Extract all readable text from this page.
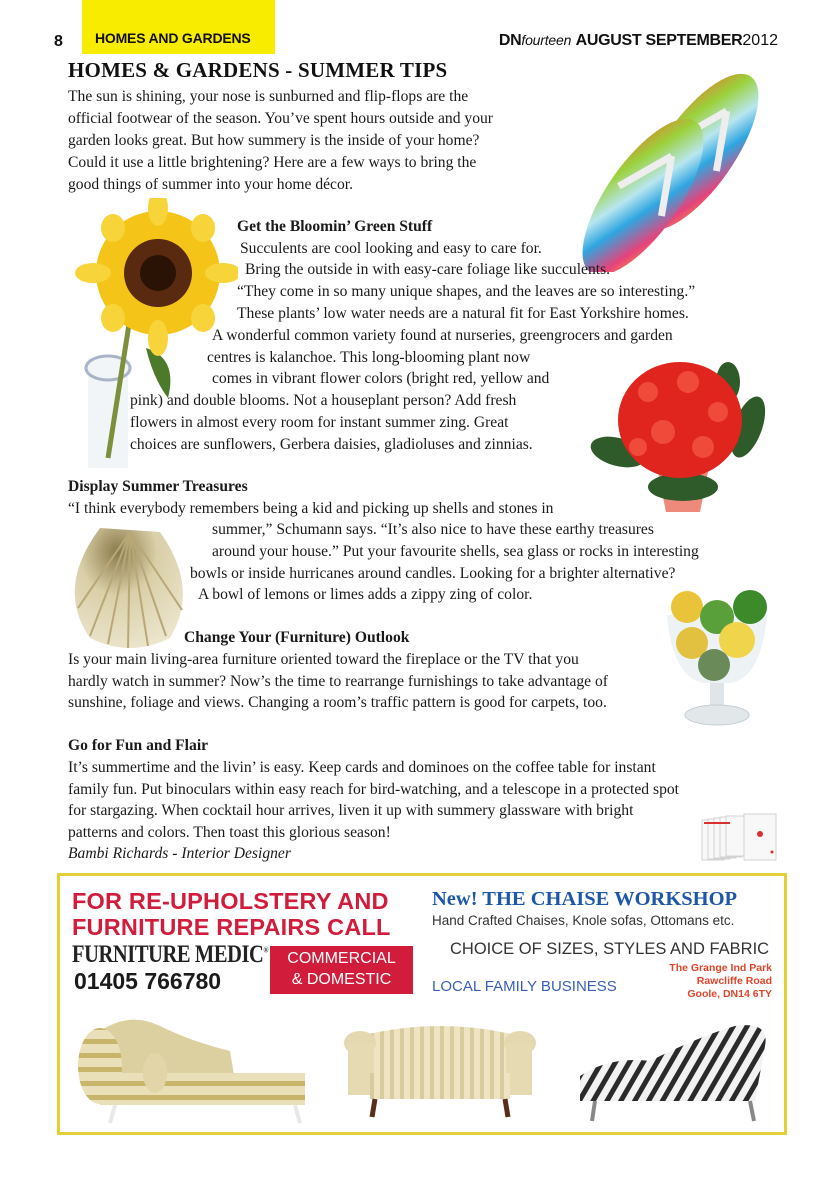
8 HOMES AND GARDENS	DNfourteen AUGUST SEPTEMBER2012
HOMES & GARDENS - SUMMER TIPS
The sun is shining, your nose is sunburned and flip-flops are the
official footwear of the season. You’ve spent hours outside and your
garden looks great. But how summery is the inside of your home?
Could it use a little brightening? Here are a few ways to bring the
good things of summer into your home décor.
Get the Bloomin’ Green Stuff
Succulents are cool looking and easy to care for.
Bring the outside in with easy-care foliage like succulents.
“They come in so many unique shapes, and the leaves are so interesting.”
These plants’ low water needs are a natural fit for East Yorkshire homes.
A wonderful common variety found at nurseries, greengrocers and garden
centres is kalanchoe. This long-blooming plant now
comes in vibrant flower colors (bright red, yellow and
pink) and double blooms. Not a houseplant person? Add fresh
flowers in almost every room for instant summer zing. Great
choices are sunflowers, Gerbera daisies, gladioluses and zinnias.
Display Summer Treasures
“I think everybody remembers being a kid and picking up shells and stones in
summer,” Schumann says. “It’s also nice to have these earthy treasures
around your house.” Put your favourite shells, sea glass or rocks in interesting
bowls or inside hurricanes around candles. Looking for a brighter alternative?
A bowl of lemons or limes adds a zippy zing of color.
Change Your (Furniture) Outlook
Is your main living-area furniture oriented toward the fireplace or the TV that you
hardly watch in summer? Now’s the time to rearrange furnishings to take advantage of
sunshine, foliage and views. Changing a room’s traffic pattern is good for carpets, too.
Go for Fun and Flair
It’s summertime and the livin’ is easy. Keep cards and dominoes on the coffee table for instant
family fun. Put binoculars within easy reach for bird-watching, and a telescope in a protected spot
for stargazing. When cocktail hour arrives, liven it up with summery glassware with bright
patterns and colors. Then toast this glorious season!
Bambi Richards - Interior Designer
FOR RE-UPHOLSTERY AND
FURNITURE REPAIRS CALL
FURNITURE MEDIC®
01405 766780
COMMERCIAL
& DOMESTIC
New! THE CHAISE WORKSHOP
Hand Crafted Chaises, Knole sofas, Ottomans etc.
CHOICE OF SIZES, STYLES AND FABRIC
LOCAL FAMILY BUSINESS
The Grange Ind Park
Rawcliffe Road
Goole, DN14 6TY
